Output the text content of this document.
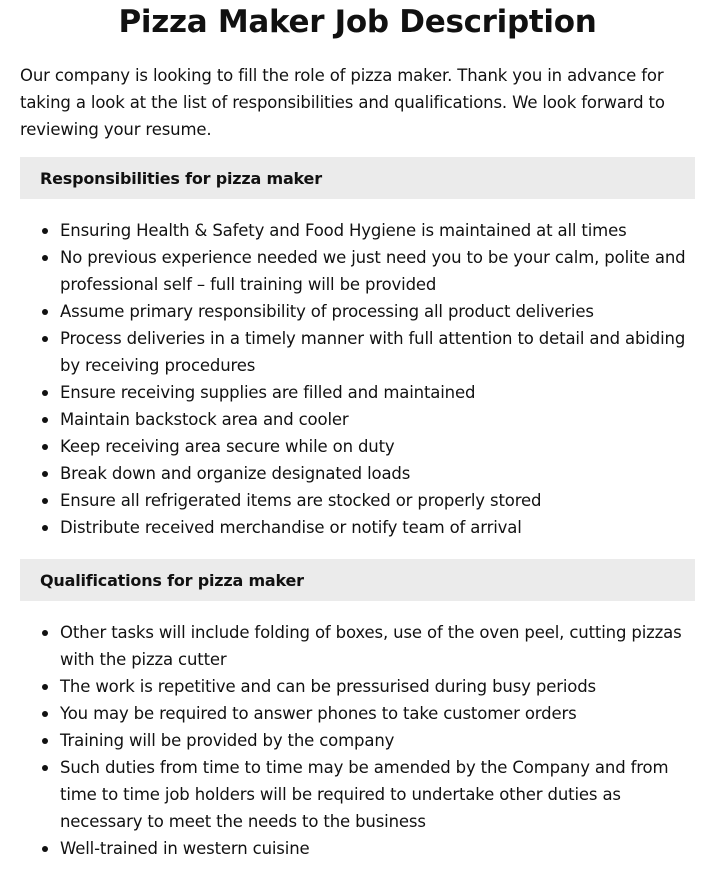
Pizza Maker Job Description

Our company is looking to fill the role of pizza maker. Thank you in advance for taking a look at the list of responsibilities and qualifications. We look forward to reviewing your resume.

Responsibilities for pizza maker
Ensuring Health & Safety and Food Hygiene is maintained at all times
No previous experience needed we just need you to be your calm, polite and professional self – full training will be provided
Assume primary responsibility of processing all product deliveries
Process deliveries in a timely manner with full attention to detail and abiding by receiving procedures
Ensure receiving supplies are filled and maintained
Maintain backstock area and cooler
Keep receiving area secure while on duty
Break down and organize designated loads
Ensure all refrigerated items are stocked or properly stored
Distribute received merchandise or notify team of arrival
Qualifications for pizza maker
Other tasks will include folding of boxes, use of the oven peel, cutting pizzas with the pizza cutter
The work is repetitive and can be pressurised during busy periods
You may be required to answer phones to take customer orders
Training will be provided by the company
Such duties from time to time may be amended by the Company and from time to time job holders will be required to undertake other duties as necessary to meet the needs to the business
Well-trained in western cuisine
